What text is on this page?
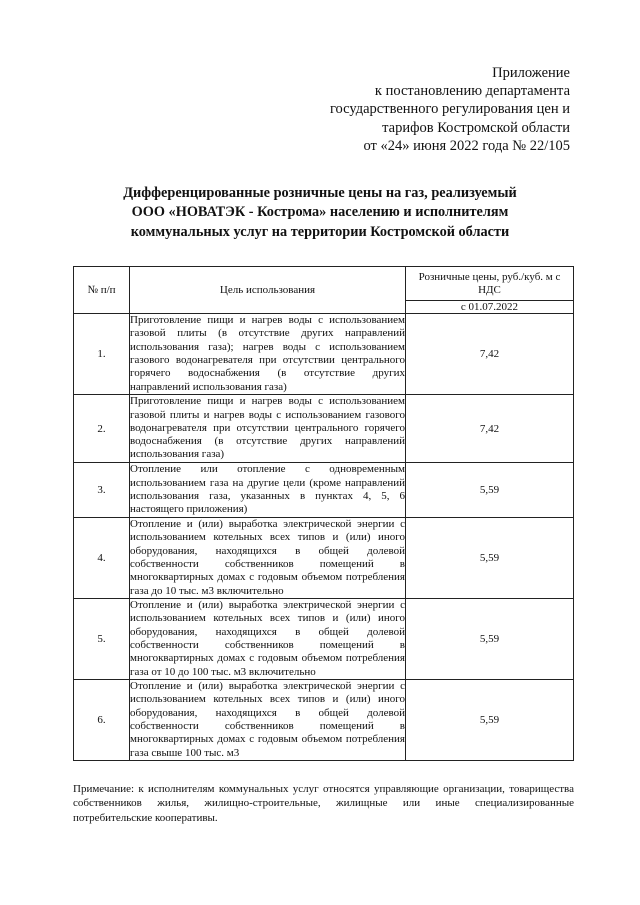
Приложение
к постановлению департамента
государственного регулирования цен и
тарифов Костромской области
от «24» июня 2022 года № 22/105
Дифференцированные розничные цены на газ, реализуемый
ООО «НОВАТЭК - Кострома» населению и исполнителям
коммунальных услуг на территории Костромской области
№ п/п	Цель использования	Розничные цены, руб./куб. м с НДС
		с 01.07.2022
1.	Приготовление пищи и нагрев воды с использованием газовой плиты (в отсутствие других направлений использования газа); нагрев воды с использованием газового водонагревателя при отсутствии центрального горячего водоснабжения (в отсутствие других направлений использования газа)	7,42
2.	Приготовление пищи и нагрев воды с использованием газовой плиты и нагрев воды с использованием газового водонагревателя при отсутствии центрального горячего водоснабжения (в отсутствие других направлений использования газа)	7,42
3.	Отопление или отопление с одновременным использованием газа на другие цели (кроме направлений использования газа, указанных в пунктах 4, 5, 6 настоящего приложения)	5,59
4.	Отопление и (или) выработка электрической энергии с использованием котельных всех типов и (или) иного оборудования, находящихся в общей долевой собственности собственников помещений в многоквартирных домах с годовым объемом потребления газа до 10 тыс. м3 включительно	5,59
5.	Отопление и (или) выработка электрической энергии с использованием котельных всех типов и (или) иного оборудования, находящихся в общей долевой собственности собственников помещений в многоквартирных домах с годовым объемом потребления газа от 10 до 100 тыс. м3 включительно	5,59
6.	Отопление и (или) выработка электрической энергии с использованием котельных всех типов и (или) иного оборудования, находящихся в общей долевой собственности собственников помещений в многоквартирных домах с годовым объемом потребления газа свыше 100 тыс. м3	5,59
Примечание: к исполнителям коммунальных услуг относятся управляющие организации, товарищества собственников жилья, жилищно-строительные, жилищные или иные специализированные потребительские кооперативы.
